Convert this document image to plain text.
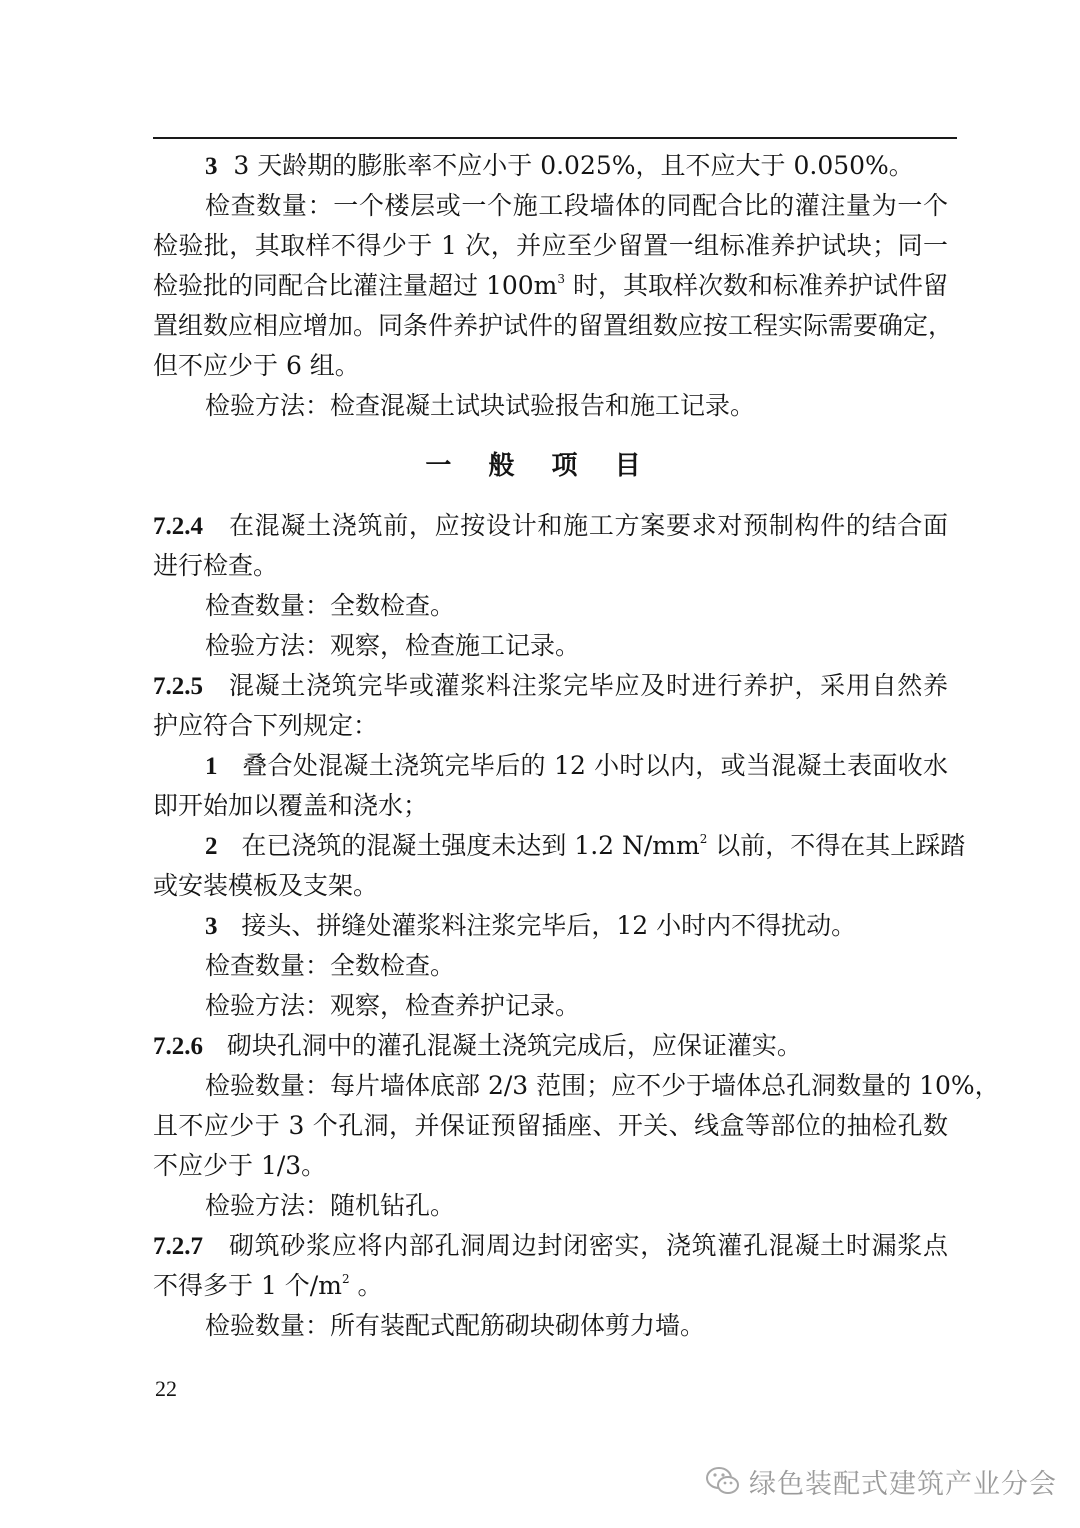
3 3 天龄期的膨胀率不应小于 0.025%，且不应大于 0.050%。
检查数量：一个楼层或一个施工段墙体的同配合比的灌注量为一个
检验批，其取样不得少于 1 次，并应至少留置一组标准养护试块；同一
检验批的同配合比灌注量超过 $100m^3$ 时，其取样次数和标准养护试件留
置组数应相应增加。同条件养护试件的留置组数应按工程实际需要确定，
但不应少于 6 组。
检验方法：检查混凝土试块试验报告和施工记录。
一 般 项 目
7.2.4 在混凝土浇筑前，应按设计和施工方案要求对预制构件的结合面
进行检查。
检查数量：全数检查。
检验方法：观察，检查施工记录。
7.2.5 混凝土浇筑完毕或灌浆料注浆完毕应及时进行养护，采用自然养
护应符合下列规定：
1 叠合处混凝土浇筑完毕后的 12 小时以内，或当混凝土表面收水
即开始加以覆盖和浇水；
2 在已浇筑的混凝土强度未达到 1.2 $N/mm^2$ 以前，不得在其上踩踏
或安装模板及支架。
3 接头、拼缝处灌浆料注浆完毕后，12 小时内不得扰动。
检查数量：全数检查。
检验方法：观察，检查养护记录。
7.2.6 砌块孔洞中的灌孔混凝土浇筑完成后，应保证灌实。
检验数量：每片墙体底部 2/3 范围；应不少于墙体总孔洞数量的 10%，
且不应少于 3 个孔洞，并保证预留插座、开关、线盒等部位的抽检孔数
不应少于 1/3。
检验方法：随机钻孔。
7.2.7 砌筑砂浆应将内部孔洞周边封闭密实，浇筑灌孔混凝土时漏浆点
不得多于 1 个$/m^2$ 。
检验数量：所有装配式配筋砌块砌体剪力墙。
22
绿色装配式建筑产业分会
